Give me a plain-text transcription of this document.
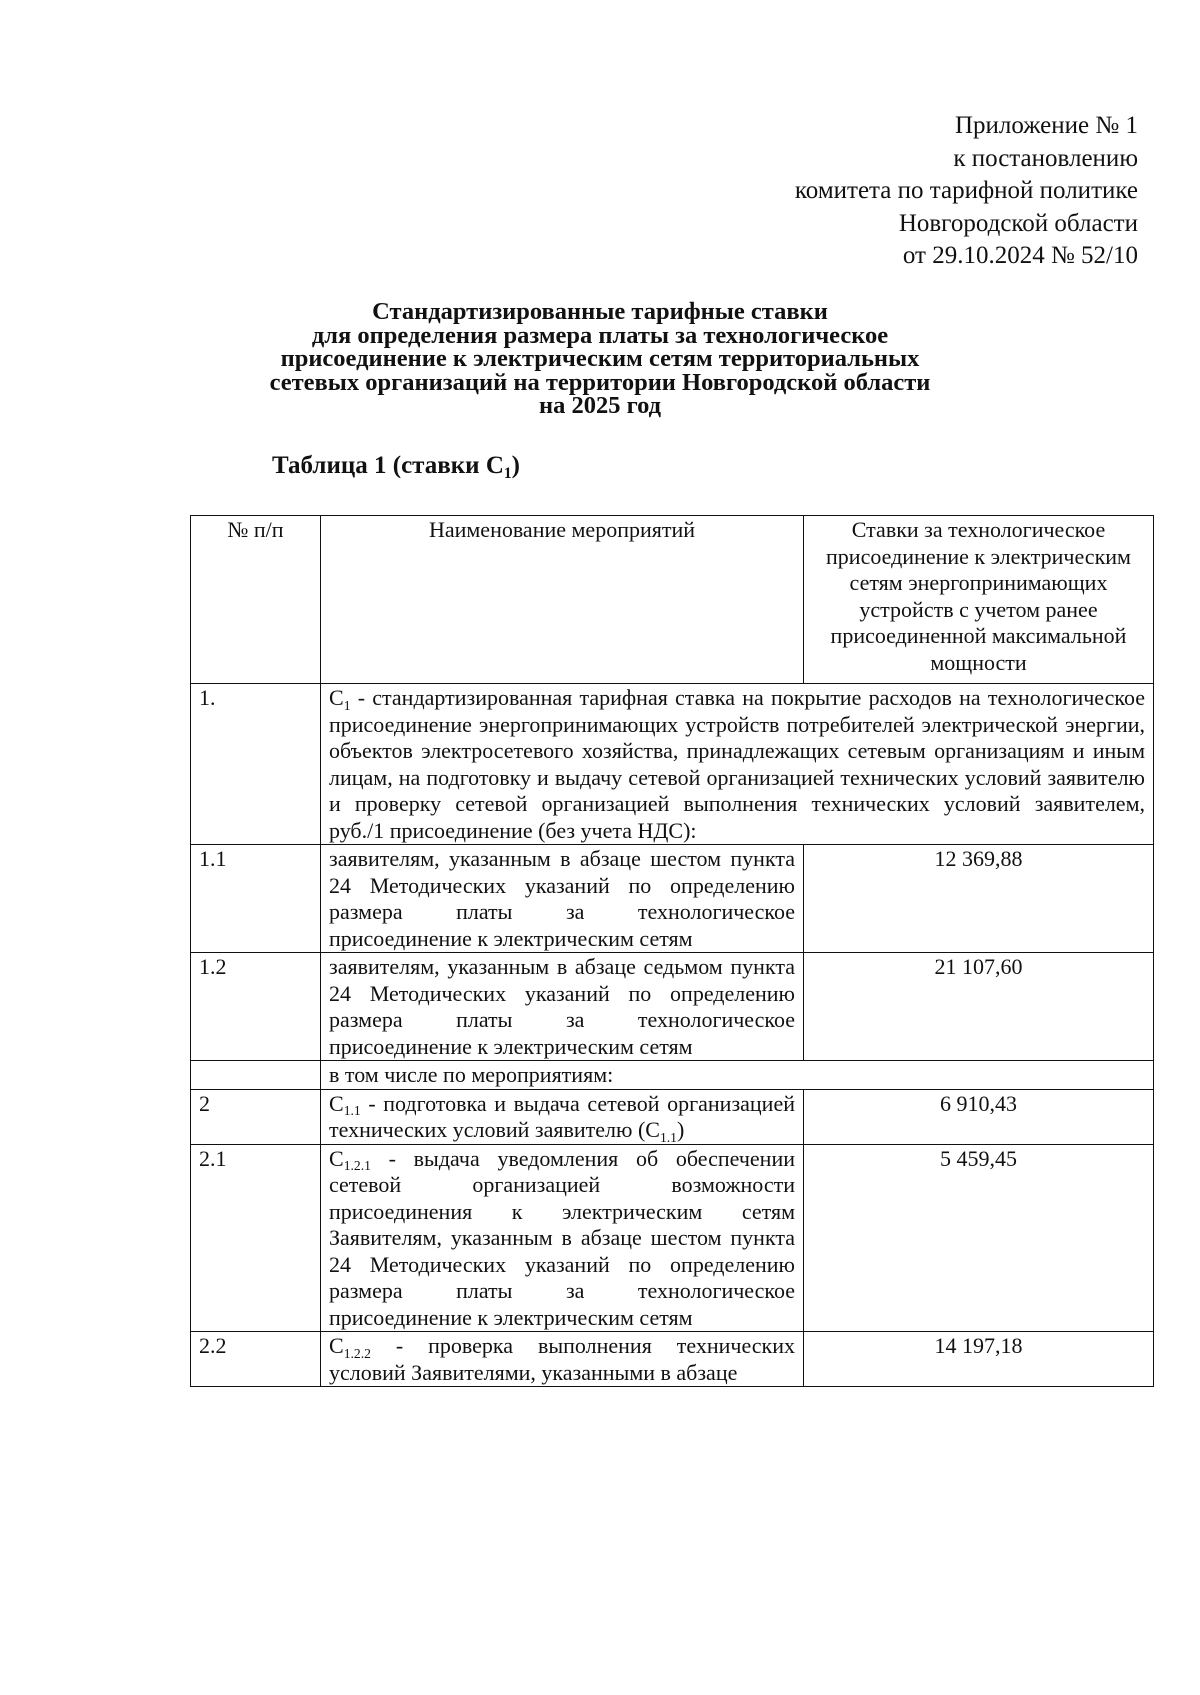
Приложение № 1
к постановлению
комитета по тарифной политике
Новгородской области
от 29.10.2024 № 52/10
Стандартизированные тарифные ставки
для определения размера платы за технологическое
присоединение к электрическим сетям территориальных
сетевых организаций на территории Новгородской области
на 2025 год
Таблица 1 (ставки $С_1$)
№ п/п	Наименование мероприятий	Ставки за технологическое присоединение к электрическим сетям энергопринимающих устройств с учетом ранее присоединенной максимальной мощности
1.	$С_1$ - стандартизированная тарифная ставка на покрытие расходов на технологическое присоединение энергопринимающих устройств потребителей электрической энергии, объектов электросетевого хозяйства, принадлежащих сетевым организациям и иным лицам, на подготовку и выдачу сетевой организацией технических условий заявителю и проверку сетевой организацией выполнения технических условий заявителем, руб./1 присоединение (без учета НДС):	
1.1	заявителям, указанным в абзаце шестом пункта 24 Методических указаний по определению размера платы за технологическое присоединение к электрическим сетям	12 369,88
1.2	заявителям, указанным в абзаце седьмом пункта 24 Методических указаний по определению размера платы за технологическое присоединение к электрическим сетям	21 107,60
	в том числе по мероприятиям:	
2	$С_{1.1}$ - подготовка и выдача сетевой организацией технических условий заявителю $(С_{1.1})$	6 910,43
2.1	$С_{1.2.1}$ - выдача уведомления об обеспечении сетевой организацией возможности присоединения к электрическим сетям Заявителям, указанным в абзаце шестом пункта 24 Методических указаний по определению размера платы за технологическое присоединение к электрическим сетям	5 459,45
2.2	$С_{1.2.2}$ - проверка выполнения технических условий Заявителями, указанными в абзаце	14 197,18
